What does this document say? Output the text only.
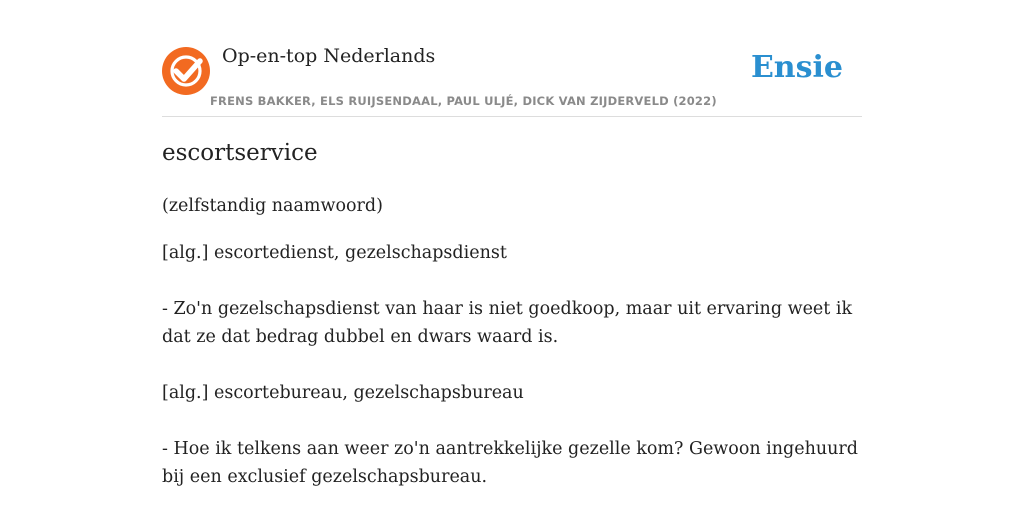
Op-en-top Nederlands
FRENS BAKKER, ELS RUIJSENDAAL, PAUL ULJÉ, DICK VAN ZIJDERVELD (2022)
Ensie
escortservice
(zelfstandig naamwoord)
[alg.] escortedienst, gezelschapsdienst
- Zo'n gezelschapsdienst van haar is niet goedkoop, maar uit ervaring weet ik dat ze dat bedrag dubbel en dwars waard is.
[alg.] escortebureau, gezelschapsbureau
- Hoe ik telkens aan weer zo'n aantrekkelijke gezelle kom? Gewoon ingehuurd bij een exclusief gezelschapsbureau.
